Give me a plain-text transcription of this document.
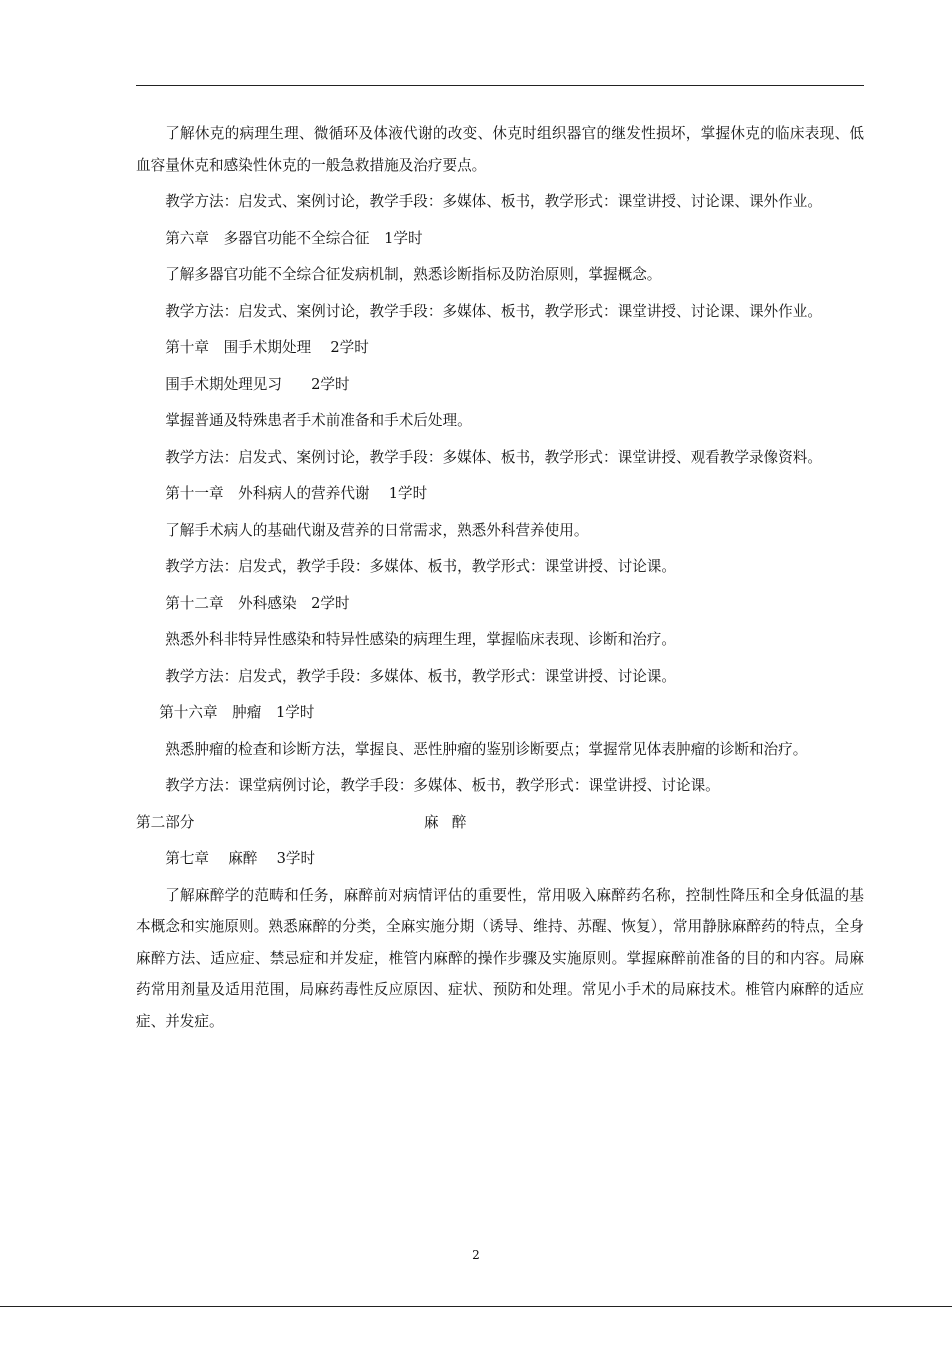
了解休克的病理生理、微循环及体液代谢的改变、休克时组织器官的继发性损坏，掌握休克的临床表现、低血容量休克和感染性休克的一般急救措施及治疗要点。

教学方法：启发式、案例讨论，教学手段：多媒体、板书，教学形式：课堂讲授、讨论课、课外作业。

第六章　多器官功能不全综合征　1学时

了解多器官功能不全综合征发病机制，熟悉诊断指标及防治原则，掌握概念。

教学方法：启发式、案例讨论，教学手段：多媒体、板书，教学形式：课堂讲授、讨论课、课外作业。

第十章　围手术期处理　 2学时
围手术期处理见习　　2学时

掌握普通及特殊患者手术前准备和手术后处理。

教学方法：启发式、案例讨论，教学手段：多媒体、板书，教学形式：课堂讲授、观看教学录像资料。

第十一章　外科病人的营养代谢　 1学时

了解手术病人的基础代谢及营养的日常需求，熟悉外科营养使用。

教学方法：启发式，教学手段：多媒体、板书，教学形式：课堂讲授、讨论课。

第十二章　外科感染　2学时

熟悉外科非特异性感染和特异性感染的病理生理，掌握临床表现、诊断和治疗。

教学方法：启发式，教学手段：多媒体、板书，教学形式：课堂讲授、讨论课。

第十六章　肿瘤　1学时

熟悉肿瘤的检查和诊断方法，掌握良、恶性肿瘤的鉴别诊断要点；掌握常见体表肿瘤的诊断和治疗。

教学方法：课堂病例讨论，教学手段：多媒体、板书，教学形式：课堂讲授、讨论课。

第二部分	麻醉
第七章　 麻醉　 3学时

了解麻醉学的范畴和任务，麻醉前对病情评估的重要性，常用吸入麻醉药名称，控制性降压和全身低温的基本概念和实施原则。熟悉麻醉的分类，全麻实施分期（诱导、维持、苏醒、恢复），常用静脉麻醉药的特点，全身麻醉方法、适应症、禁忌症和并发症，椎管内麻醉的操作步骤及实施原则。掌握麻醉前准备的目的和内容。局麻药常用剂量及适用范围，局麻药毒性反应原因、症状、预防和处理。常见小手术的局麻技术。椎管内麻醉的适应症、并发症。

2
